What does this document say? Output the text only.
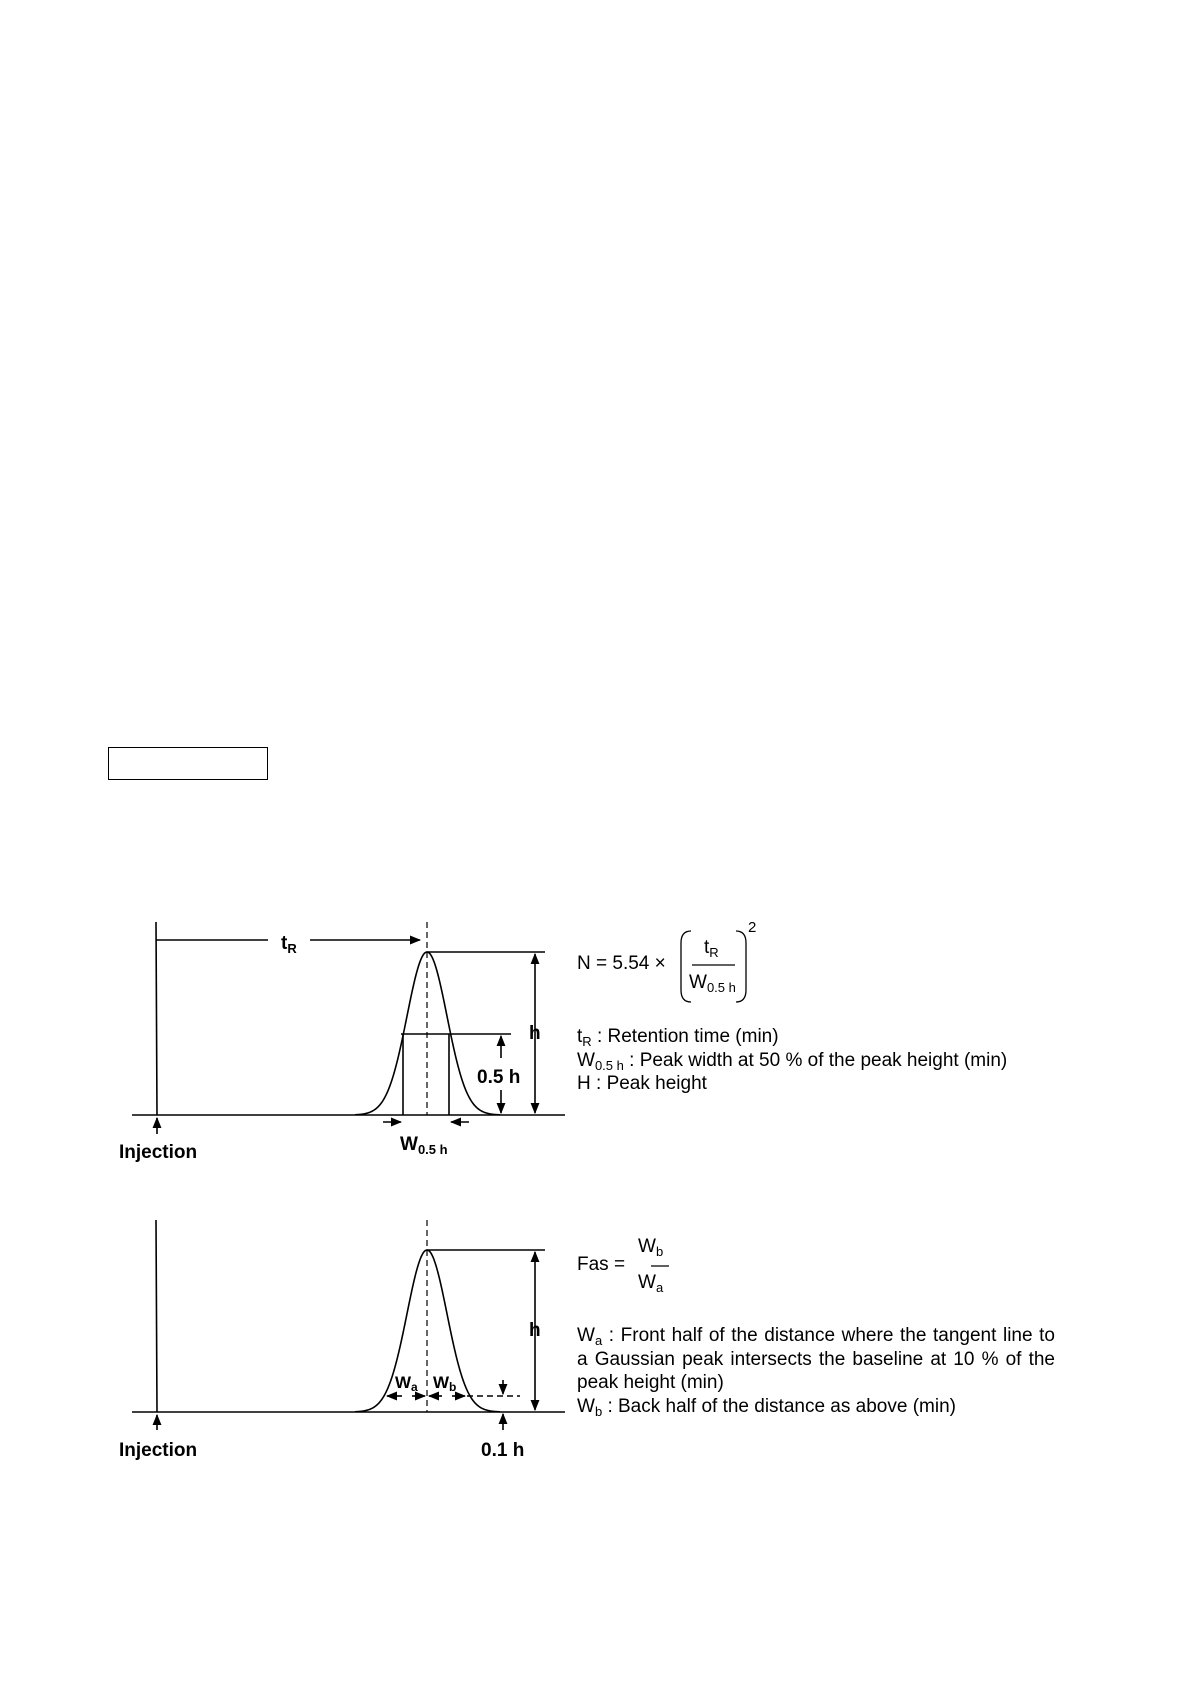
$t_R$
h
0.5 h
$W_{0.5 h}$
Injection
h
Wa Wb
0.1 h
Injection
N = 5.54 ×
$t_R$
$W_{0.5 h}$
2
$t_R$ : Retention time (min)
$W_{0.5 h}$ : Peak width at 50 % of the peak height (min)
H : Peak height
Fas =
$W_b$
$W_a$
$W_a$ : Front half of the distance where the tangent line to a Gaussian peak intersects the baseline at 10 % of the peak height (min)
$W_b$ : Back half of the distance as above (min)
